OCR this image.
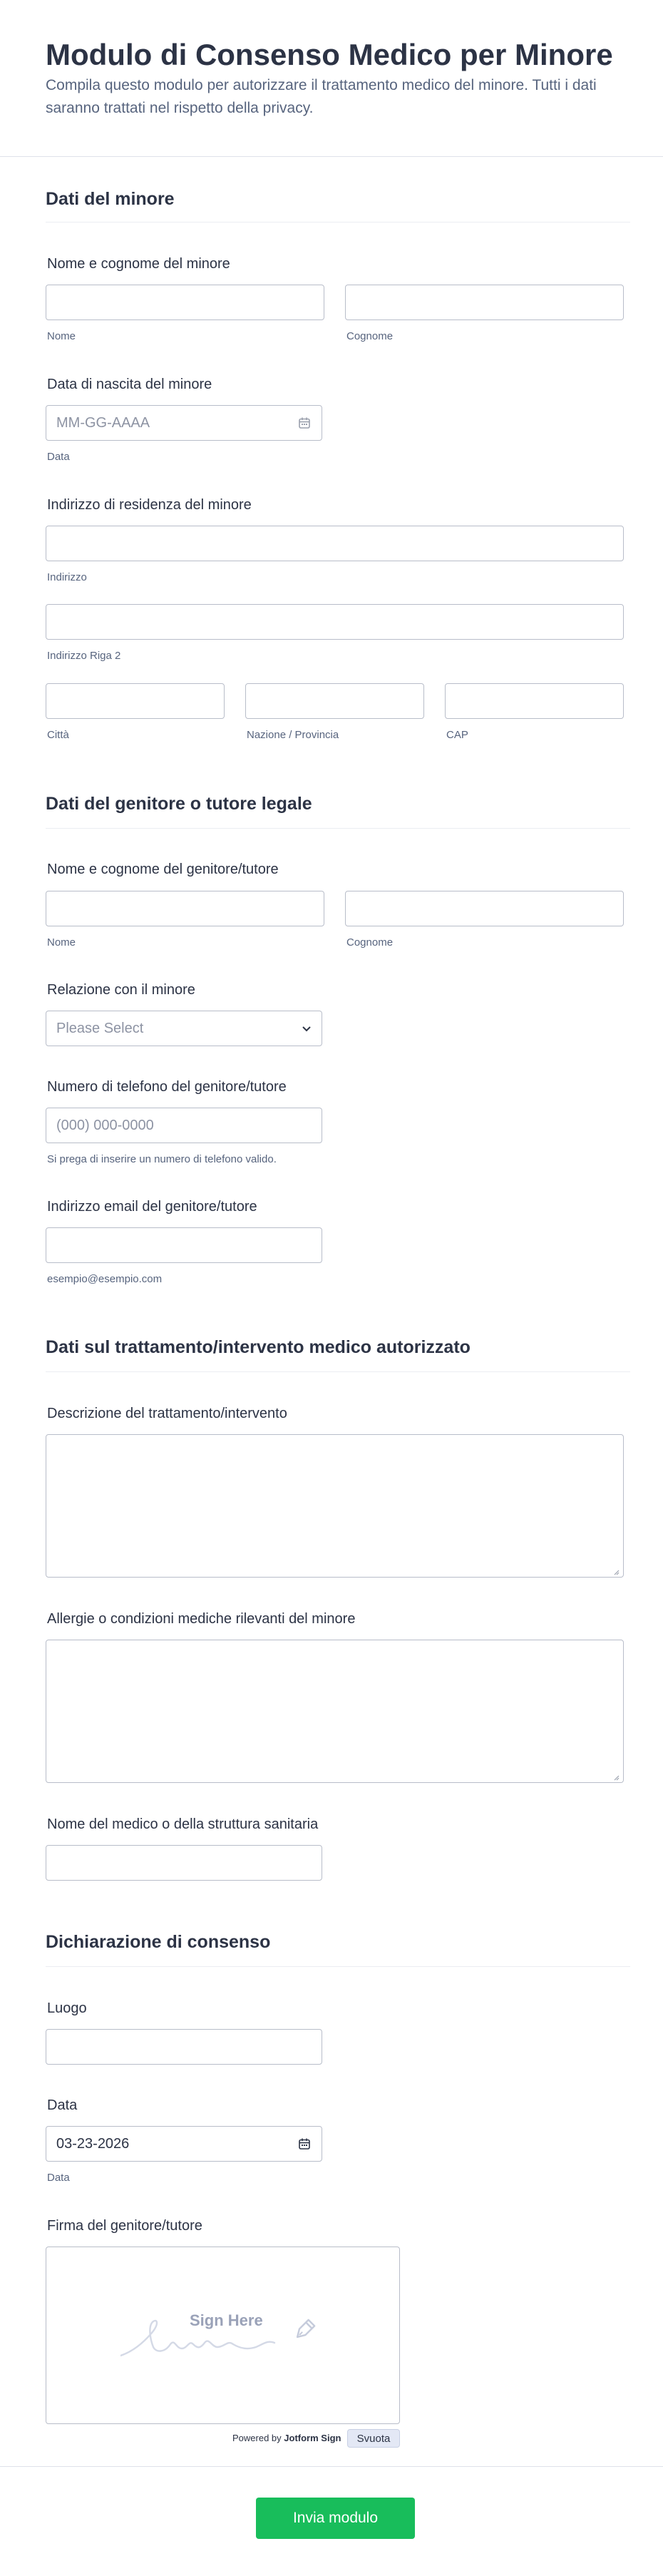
Modulo di Consenso Medico per Minore
Compila questo modulo per autorizzare il trattamento medico del minore. Tutti i dati saranno trattati nel rispetto della privacy.
Dati del minore
Nome e cognome del minore
Nome	Cognome
Data di nascita del minore
MM-GG-AAAA
Data
Indirizzo di residenza del minore
Indirizzo
Indirizzo Riga 2
Città	Nazione / Provincia	CAP
Dati del genitore o tutore legale
Nome e cognome del genitore/tutore
Nome	Cognome
Relazione con il minore
Please Select
Numero di telefono del genitore/tutore
(000) 000-0000
Si prega di inserire un numero di telefono valido.
Indirizzo email del genitore/tutore
esempio@esempio.com
Dati sul trattamento/intervento medico autorizzato
Descrizione del trattamento/intervento
Allergie o condizioni mediche rilevanti del minore
Nome del medico o della struttura sanitaria
Dichiarazione di consenso
Luogo
Data
03-23-2026
Data
Firma del genitore/tutore
Sign Here
Powered by Jotform Sign	Svuota
Invia modulo
